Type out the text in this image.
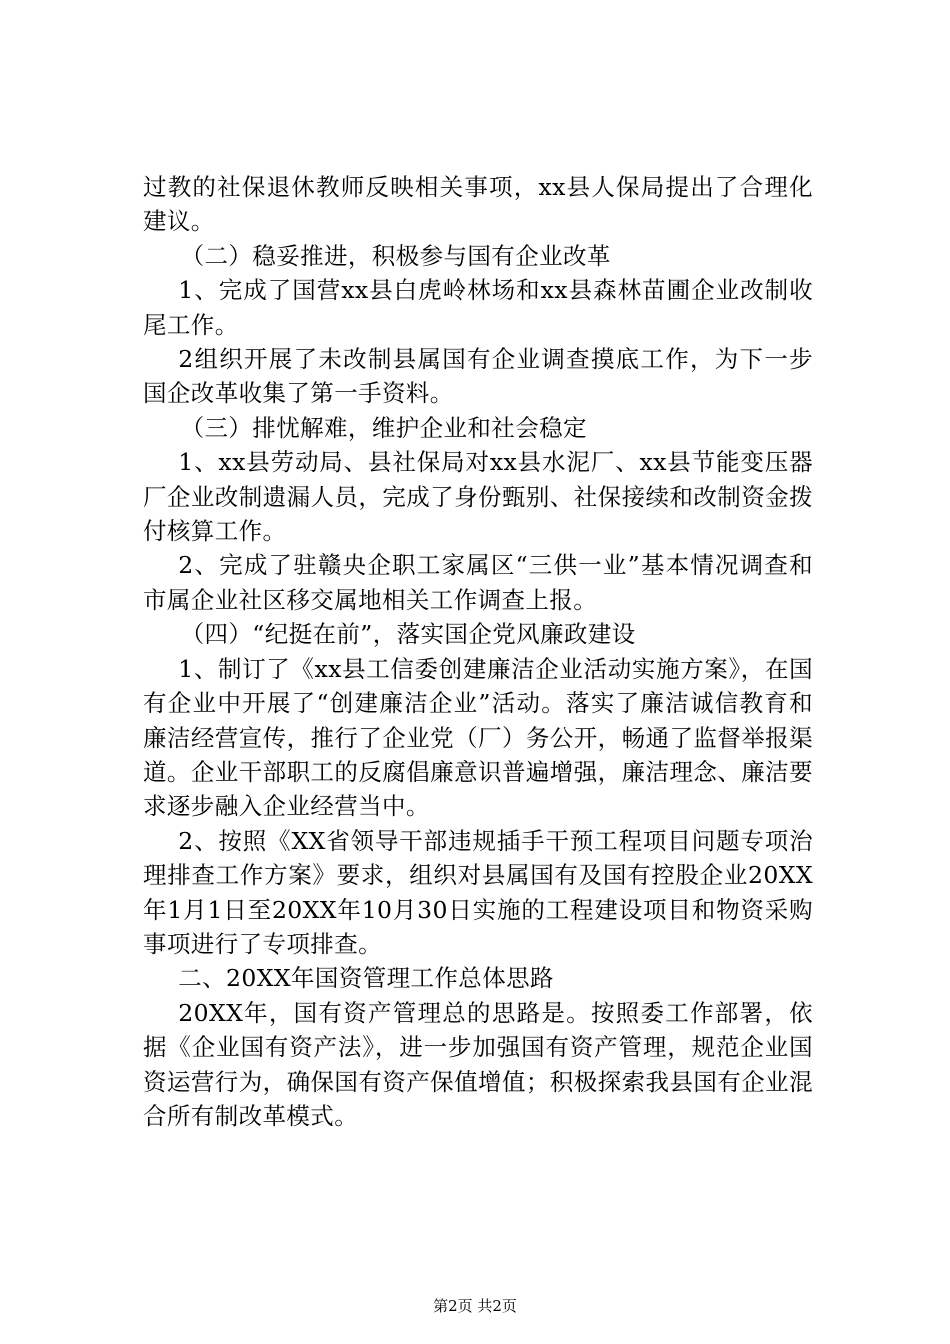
过教的社保退休教师反映相关事项，xx县人保局提出了合理化建议。

（二）稳妥推进，积极参与国有企业改革

1、完成了国营xx县白虎岭林场和xx县森林苗圃企业改制收尾工作。

2组织开展了未改制县属国有企业调查摸底工作，为下一步国企改革收集了第一手资料。

（三）排忧解难，维护企业和社会稳定

1、xx县劳动局、县社保局对xx县水泥厂、xx县节能变压器厂企业改制遗漏人员，完成了身份甄别、社保接续和改制资金拨付核算工作。

2、完成了驻赣央企职工家属区“三供一业”基本情况调查和市属企业社区移交属地相关工作调查上报。

（四）“纪挺在前”，落实国企党风廉政建设

1、制订了《xx县工信委创建廉洁企业活动实施方案》，在国有企业中开展了“创建廉洁企业”活动。落实了廉洁诚信教育和廉洁经营宣传，推行了企业党（厂）务公开，畅通了监督举报渠道。企业干部职工的反腐倡廉意识普遍增强，廉洁理念、廉洁要求逐步融入企业经营当中。

2、按照《XX省领导干部违规插手干预工程项目问题专项治理排查工作方案》要求，组织对县属国有及国有控股企业20XX年1月1日至20XX年10月30日实施的工程建设项目和物资采购事项进行了专项排查。

二、20XX年国资管理工作总体思路

20XX年，国有资产管理总的思路是。按照委工作部署，依据《企业国有资产法》，进一步加强国有资产管理，规范企业国资运营行为，确保国有资产保值增值；积极探索我县国有企业混合所有制改革模式。

第2页 共2页
